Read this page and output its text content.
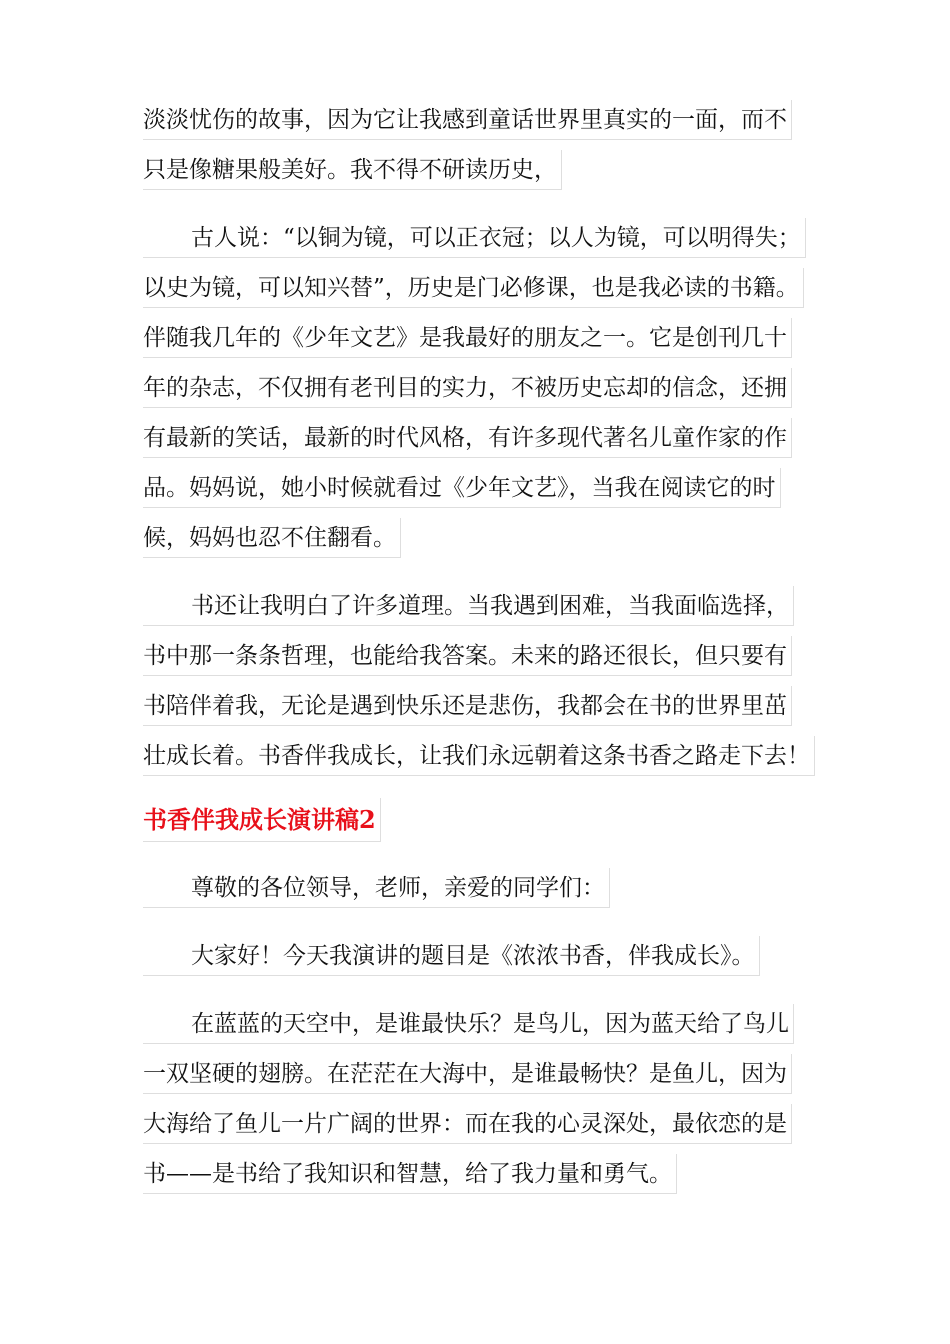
淡淡忧伤的故事，因为它让我感到童话世界里真实的一面，而不
只是像糖果般美好。我不得不研读历史，
古人说：“以铜为镜，可以正衣冠；以人为镜，可以明得失；
以史为镜，可以知兴替”，历史是门必修课，也是我必读的书籍。
伴随我几年的《少年文艺》是我最好的朋友之一。它是创刊几十
年的杂志，不仅拥有老刊目的实力，不被历史忘却的信念，还拥
有最新的笑话，最新的时代风格，有许多现代著名儿童作家的作
品。妈妈说，她小时候就看过《少年文艺》，当我在阅读它的时
候，妈妈也忍不住翻看。
书还让我明白了许多道理。当我遇到困难，当我面临选择，
书中那一条条哲理，也能给我答案。未来的路还很长，但只要有
书陪伴着我，无论是遇到快乐还是悲伤，我都会在书的世界里茁
壮成长着。书香伴我成长，让我们永远朝着这条书香之路走下去！
书香伴我成长演讲稿2
尊敬的各位领导，老师，亲爱的同学们：
大家好！今天我演讲的题目是《浓浓书香，伴我成长》。
在蓝蓝的天空中，是谁最快乐？是鸟儿，因为蓝天给了鸟儿
一双坚硬的翅膀。在茫茫在大海中，是谁最畅快？是鱼儿，因为
大海给了鱼儿一片广阔的世界：而在我的心灵深处，最依恋的是
书——是书给了我知识和智慧，给了我力量和勇气。
